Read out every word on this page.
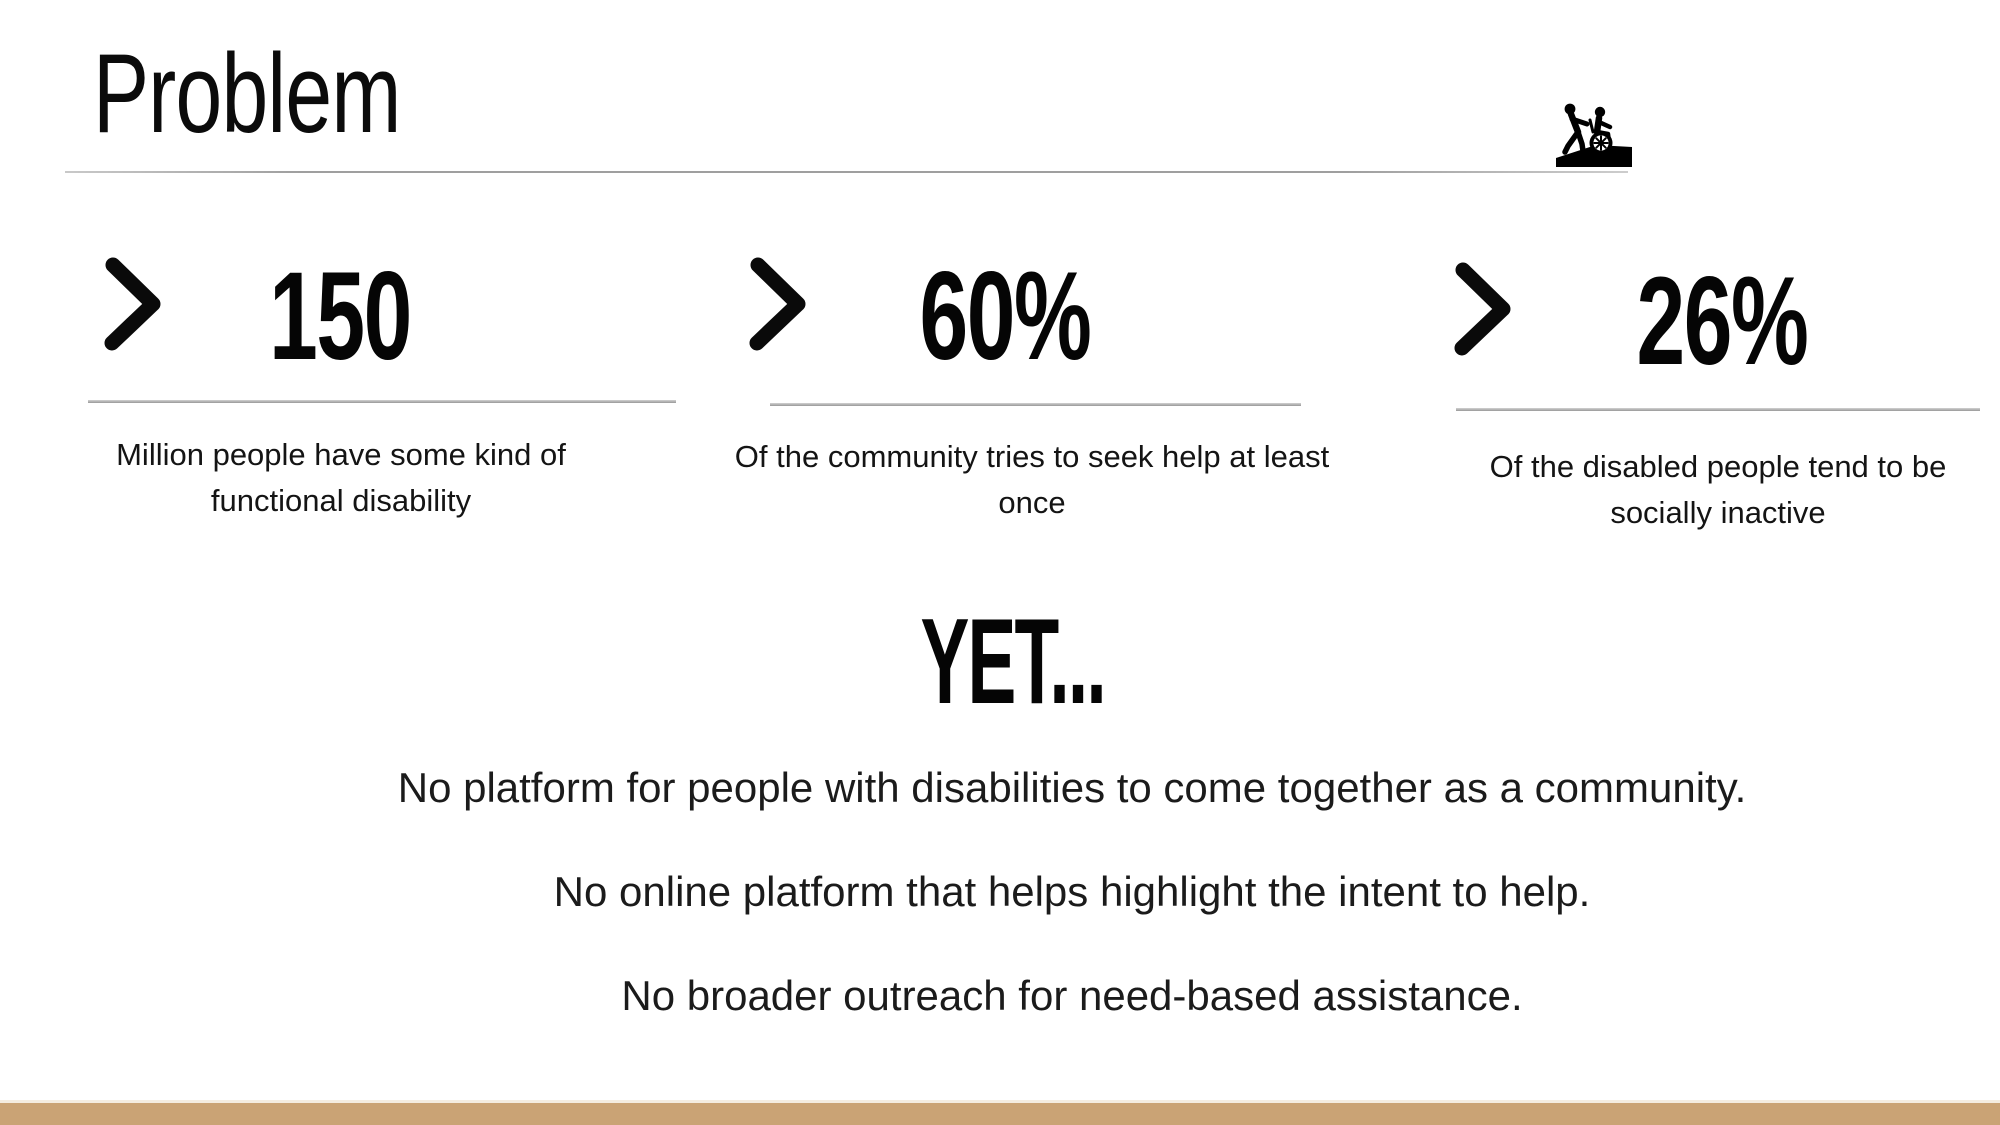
Problem
150
Million people have some kind of functional disability
60%
Of the community tries to seek help at least once
26%
Of the disabled people tend to be socially inactive
YET...

No platform for people with disabilities to come together as a community.

No online platform that helps highlight the intent to help.

No broader outreach for need-based assistance.
